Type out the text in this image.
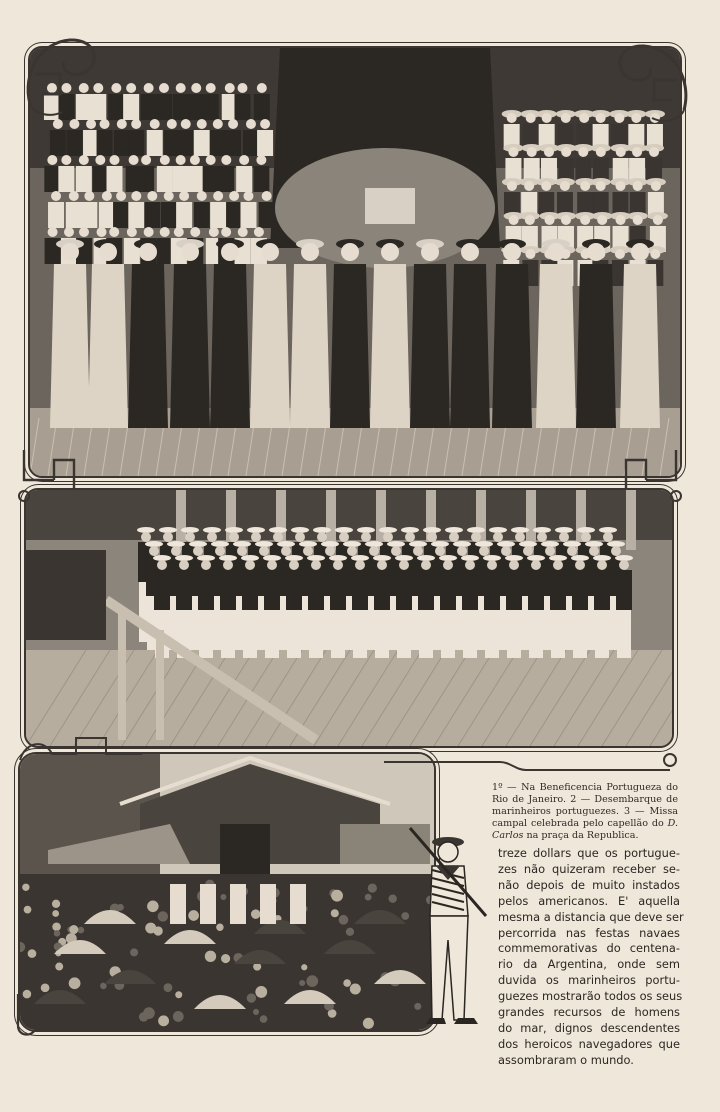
1º — Na Beneficencia Portugueza do Rio de Janeiro. 2 — Desembarque de marinheiros portuguezes. 3 — Missa campal celebrada pelo capellão do D. Carlos na praça da Republica.
treze dollars que os portugue-
zes não quizeram receber se-
não depois de muito instados
pelos americanos. E' aquella
mesma a distancia que deve ser
percorrida nas festas navaes
commemorativas do centena-
rio da Argentina, onde sem
duvida os marinheiros portu-
guezes mostrarão todos os seus
grandes recursos de homens
do mar, dignos descendentes
dos heroicos navegadores que
assombraram o mundo.
